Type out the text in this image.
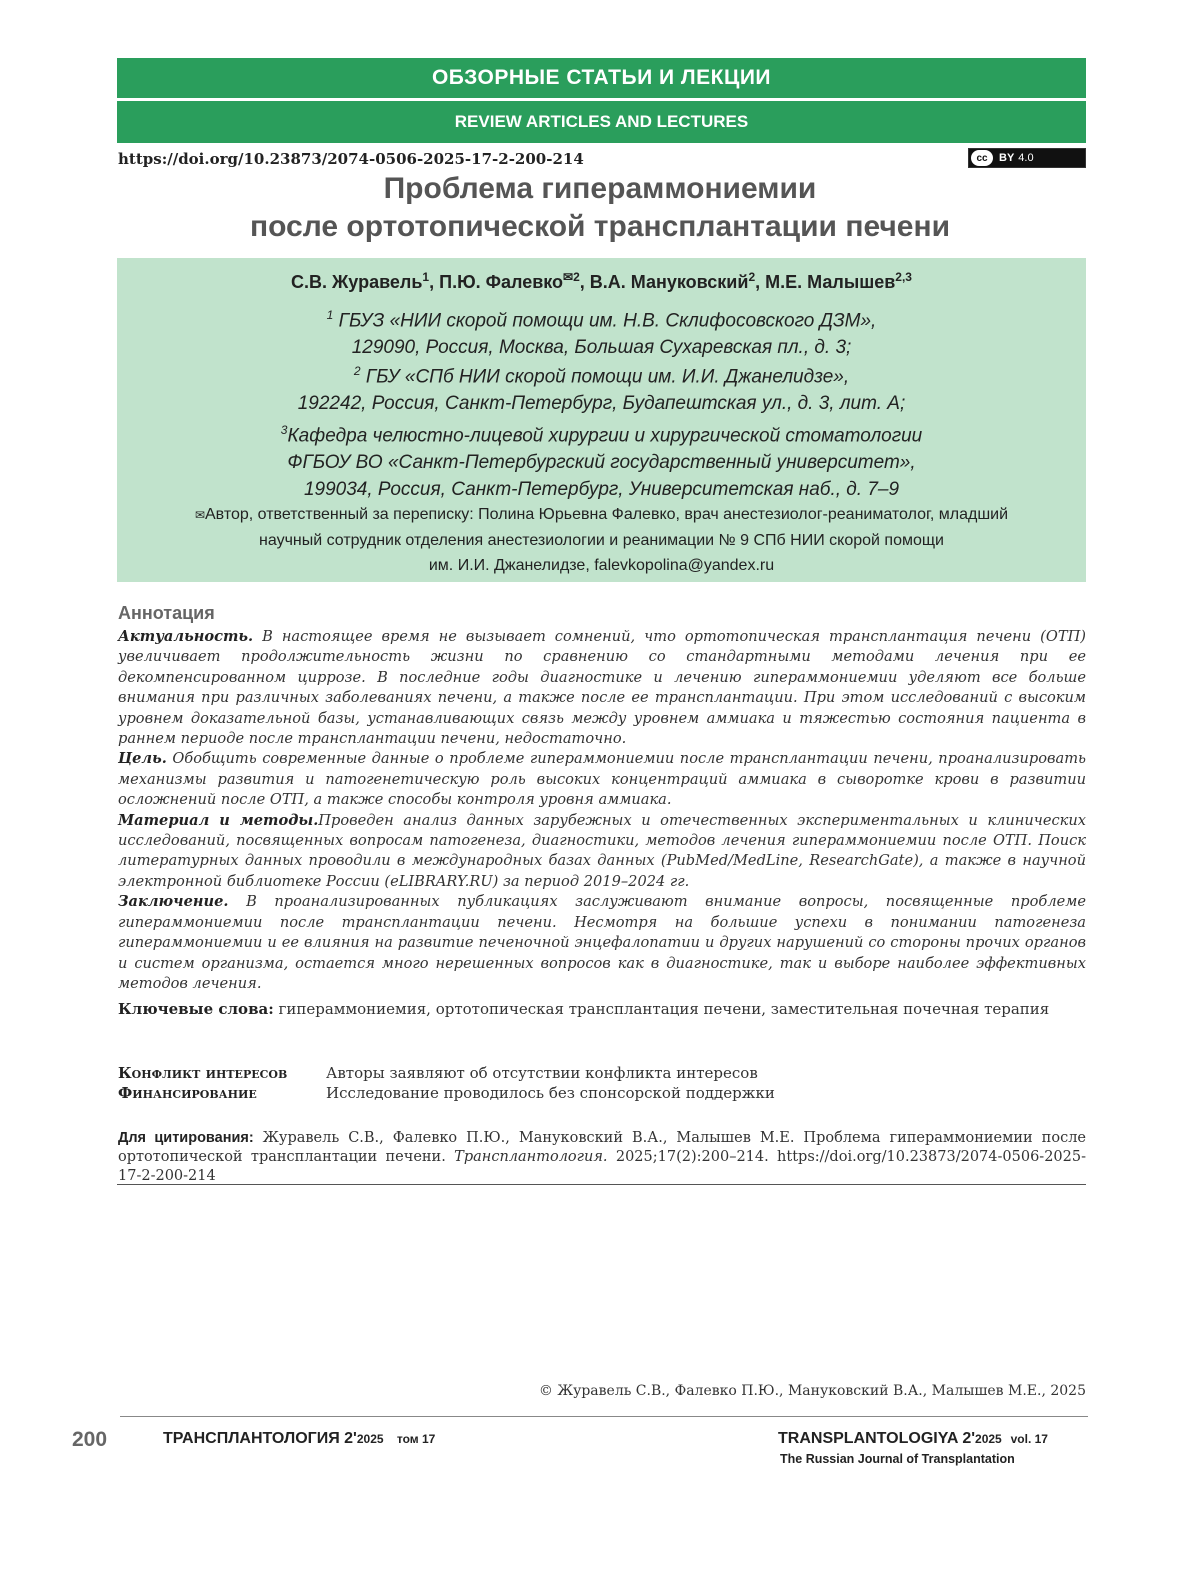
ОБЗОРНЫЕ СТАТЬИ И ЛЕКЦИИ
REVIEW ARTICLES AND LECTURES
https://doi.org/10.23873/2074-0506-2025-17-2-200-214	cc	BY 4.0
Проблема гипераммониемии
после ортотопической трансплантации печени
С.В. Журавель$^1$, П.Ю. Фалевко$^{✉2}$, В.А. Мануковский$^2$, М.Е. Малышев$^{2,3}$
$^1$ ГБУЗ «НИИ скорой помощи им. Н.В. Склифосовского ДЗМ»,
129090, Россия, Москва, Большая Сухаревская пл., д. 3;
$^2$ ГБУ «СПб НИИ скорой помощи им. И.И. Джанелидзе»,
192242, Россия, Санкт-Петербург, Будапештская ул., д. 3, лит. А;
$^3$Кафедра челюстно-лицевой хирургии и хирургической стоматологии
ФГБОУ ВО «Санкт-Петербургский государственный университет»,
199034, Россия, Санкт-Петербург, Университетская наб., д. 7–9
✉Автор, ответственный за переписку: Полина Юрьевна Фалевко, врач анестезиолог-реаниматолог, младший
научный сотрудник отделения анестезиологии и реанимации № 9 СПб НИИ скорой помощи
им. И.И. Джанелидзе, falevkopolina@yandex.ru
Аннотация

Актуальность. В настоящее время не вызывает сомнений, что ортотопическая трансплантация печени (ОТП) увеличивает продолжительность жизни по сравнению со стандартными методами лечения при ее декомпенсированном циррозе. В последние годы диагностике и лечению гипераммониемии уделяют все больше внимания при различных заболеваниях печени, а также после ее трансплантации. При этом исследований с высоким уровнем доказательной базы, устанавливающих связь между уровнем аммиака и тяжестью состояния пациента в раннем периоде после трансплантации печени, недостаточно.

Цель. Обобщить современные данные о проблеме гипераммониемии после трансплантации печени, проанализировать механизмы развития и патогенетическую роль высоких концентраций аммиака в сыворотке крови в развитии осложнений после ОТП, а также способы контроля уровня аммиака.

Материал и методы.Проведен анализ данных зарубежных и отечественных экспериментальных и клинических исследований, посвященных вопросам патогенеза, диагностики, методов лечения гипераммониемии после ОТП. Поиск литературных данных проводили в международных базах данных (PubMed/MedLine, ResearchGate), а также в научной электронной библиотеке России (eLIBRARY.RU) за период 2019–2024 гг.

Заключение. В проанализированных публикациях заслуживают внимание вопросы, посвященные проблеме гипераммониемии после трансплантации печени. Несмотря на большие успехи в понимании патогенеза гипераммониемии и ее влияния на развитие печеночной энцефалопатии и других нарушений со стороны прочих органов и систем организма, остается много нерешенных вопросов как в диагностике, так и выборе наиболее эффективных методов лечения.

Ключевые слова: гипераммониемия, ортотопическая трансплантация печени, заместительная почечная терапия
Конфликт интересов	Авторы заявляют об отсутствии конфликта интересов
Финансирование	Исследование проводилось без спонсорской поддержки
Для цитирования: Журавель С.В., Фалевко П.Ю., Мануковский В.А., Малышев М.Е. Проблема гипераммониемии после ортотопической трансплантации печени. Трансплантология. 2025;17(2):200–214. https://doi.org/10.23873/2074-0506-2025-17-2-200-214
© Журавель С.В., Фалевко П.Ю., Мануковский В.А., Малышев М.Е., 2025
200	ТРАНСПЛАНТОЛОГИЯ 2'2025 том 17	TRANSPLANTOLOGIYA 2'2025 vol. 17
The Russian Journal of Transplantation
